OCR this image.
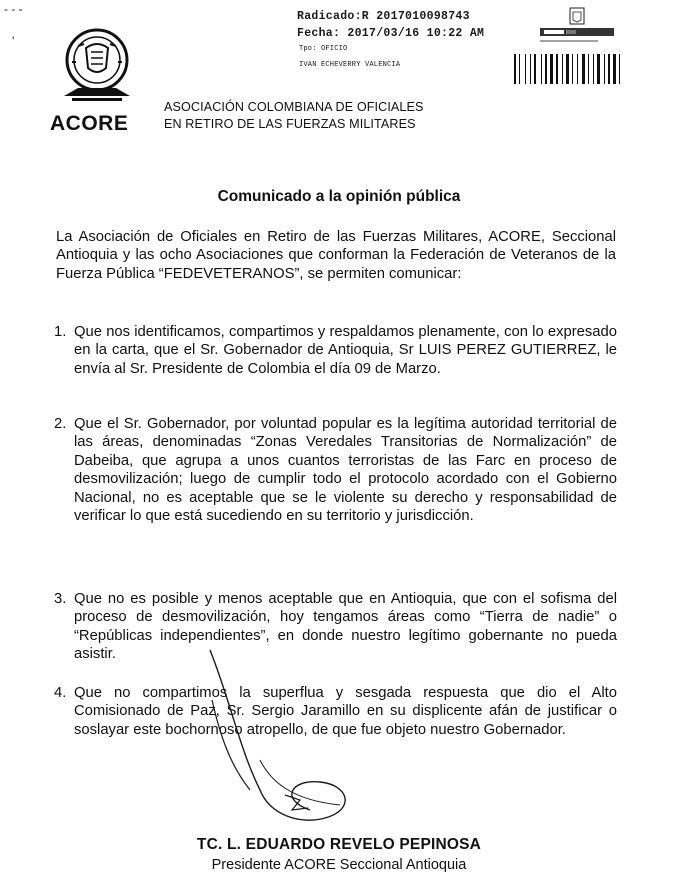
‑ ‑ ‑
'
Radicado:R 2017010098743
Fecha: 2017/03/16 10:22 AM
Tpo: OFICIO
IVAN ECHEVERRY VALENCIA
ACORE
ASOCIACIÓN COLOMBIANA DE OFICIALES
EN RETIRO DE LAS FUERZAS MILITARES
Comunicado a la opinión pública
La Asociación de Oficiales en Retiro de las Fuerzas Militares, ACORE, Seccional Antioquia y las ocho Asociaciones que conforman la Federación de Veteranos de la Fuerza Pública “FEDEVETERANOS”, se permiten comunicar:
1. Que nos identificamos, compartimos y respaldamos plenamente, con lo expresado en la carta, que el Sr. Gobernador de Antioquia, Sr LUIS PEREZ GUTIERREZ, le envía al Sr. Presidente de Colombia el día 09 de Marzo.
2. Que el Sr. Gobernador, por voluntad popular es la legítima autoridad territorial de las áreas, denominadas “Zonas Veredales Transitorias de Normalización” de Dabeiba, que agrupa a unos cuantos terroristas de las Farc en proceso de desmovilización; luego de cumplir todo el protocolo acordado con el Gobierno Nacional, no es aceptable que se le violente su derecho y responsabilidad de verificar lo que está sucediendo en su territorio y jurisdicción.
3. Que no es posible y menos aceptable que en Antioquia, que con el sofisma del proceso de desmovilización, hoy tengamos áreas como “Tierra de nadie” o “Repúblicas independientes”, en donde nuestro legítimo gobernante no pueda asistir.
4. Que no compartimos la superflua y sesgada respuesta que dio el Alto Comisionado de Paz, Sr. Sergio Jaramillo en su displicente afán de justificar o soslayar este bochornoso atropello, de que fue objeto nuestro Gobernador.
TC. L. EDUARDO REVELO PEPINOSA
Presidente ACORE Seccional Antioquia
